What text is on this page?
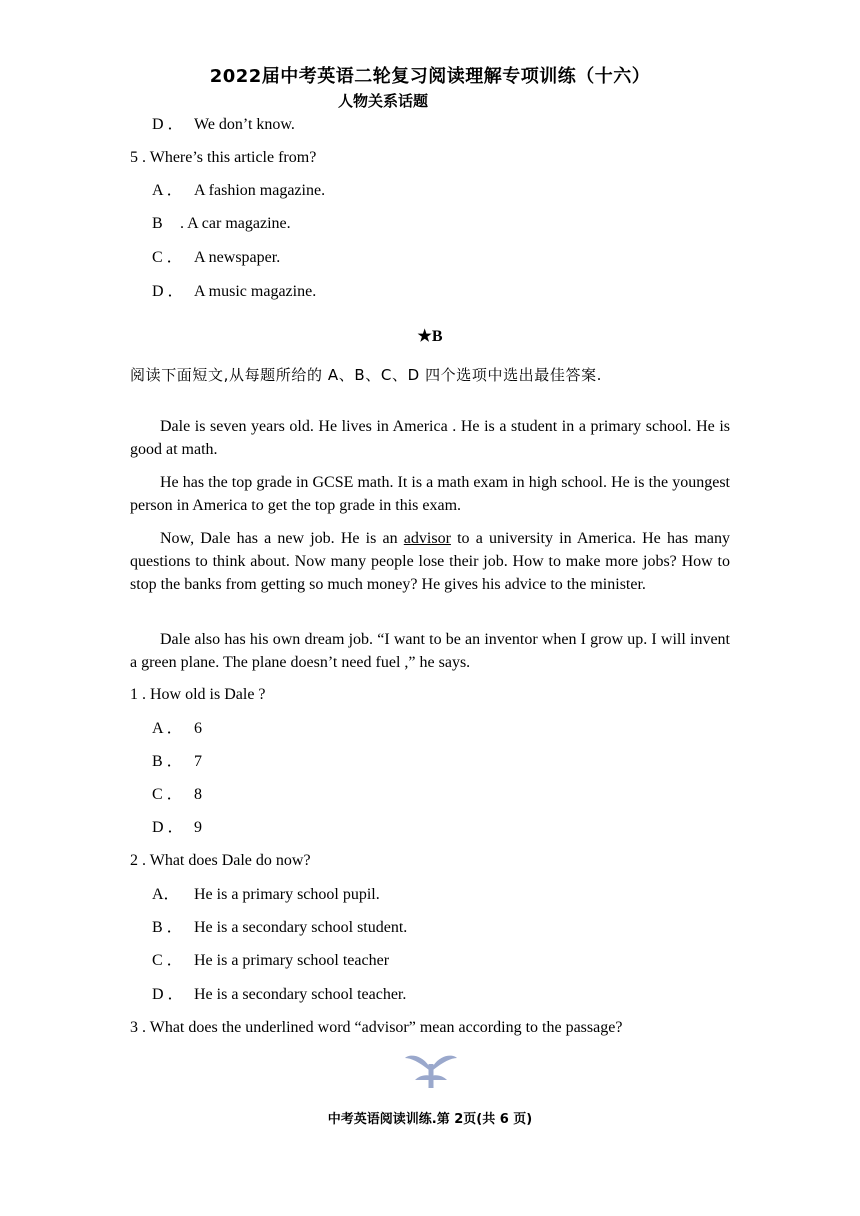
2022届中考英语二轮复习阅读理解专项训练（十六）
人物关系话题
D ． We don’t know.
5 . Where’s this article from?
A ． A fashion magazine.
B . A car magazine.
C ． A newspaper.
D ． A music magazine.
★B
阅读下面短文,从每题所给的 A、B、C、D 四个选项中选出最佳答案.
Dale is seven years old. He lives in America . He is a student in a primary school. He is good at math.
He has the top grade in GCSE math. It is a math exam in high school. He is the youngest person in America to get the top grade in this exam.
Now, Dale has a new job. He is an advisor to a university in America. He has many questions to think about. Now many people lose their job. How to make more jobs? How to stop the banks from getting so much money? He gives his advice to the minister.
Dale also has his own dream job. “I want to be an inventor when I grow up. I will invent a green plane. The plane doesn’t need fuel ,” he says.
1 . How old is Dale ?
A ． 6
B ． 7
C ． 8
D ． 9
2 . What does Dale do now?
A． He is a primary school pupil.
B ． He is a secondary school student.
C ． He is a primary school teacher
D ． He is a secondary school teacher.
3 . What does the underlined word “advisor” mean according to the passage?
中考英语阅读训练.第 2页(共 6 页)
